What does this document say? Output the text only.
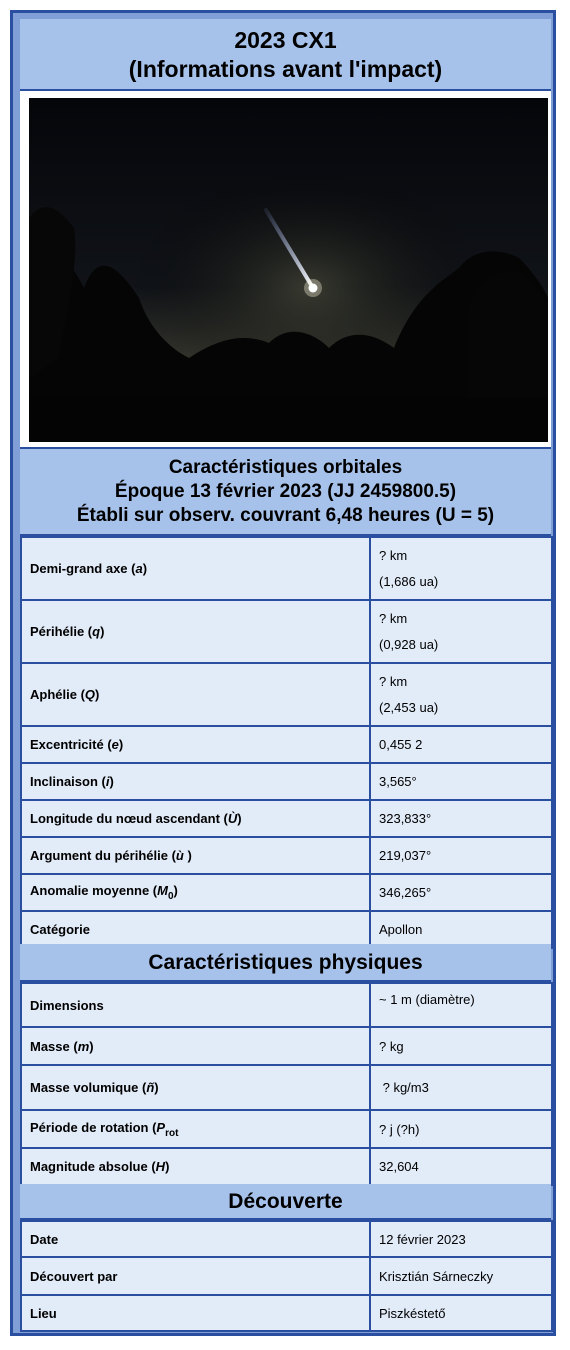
2023 CX1
(Informations avant l'impact)
Caractéristiques orbitales
Époque 13 février 2023 (JJ 2459800.5)
Établi sur observ. couvrant 6,48 heures (U = 5)
Demi-grand axe (a)	? km
(1,686 ua)

Périhélie (q)	? km
(0,928 ua)

Aphélie (Q)	? km
(2,453 ua)

Excentricité (e)	0,455 2
Inclinaison (i)	3,565°
Longitude du nœud ascendant (Ù)	323,833°
Argument du périhélie (ù )	219,037°
Anomalie moyenne $(M_0)$	346,265°
Catégorie	Apollon
Caractéristiques physiques
Dimensions	~ 1 m (diamètre)
Masse (m)	? kg
Masse volumique (ñ)	? kg/m3
Période de rotation ($P_{rot}$	? j (?h)
Magnitude absolue (H)	32,604
Découverte
Date	12 février 2023
Découvert par	Krisztián Sárneczky
Lieu	Piszkéstető
